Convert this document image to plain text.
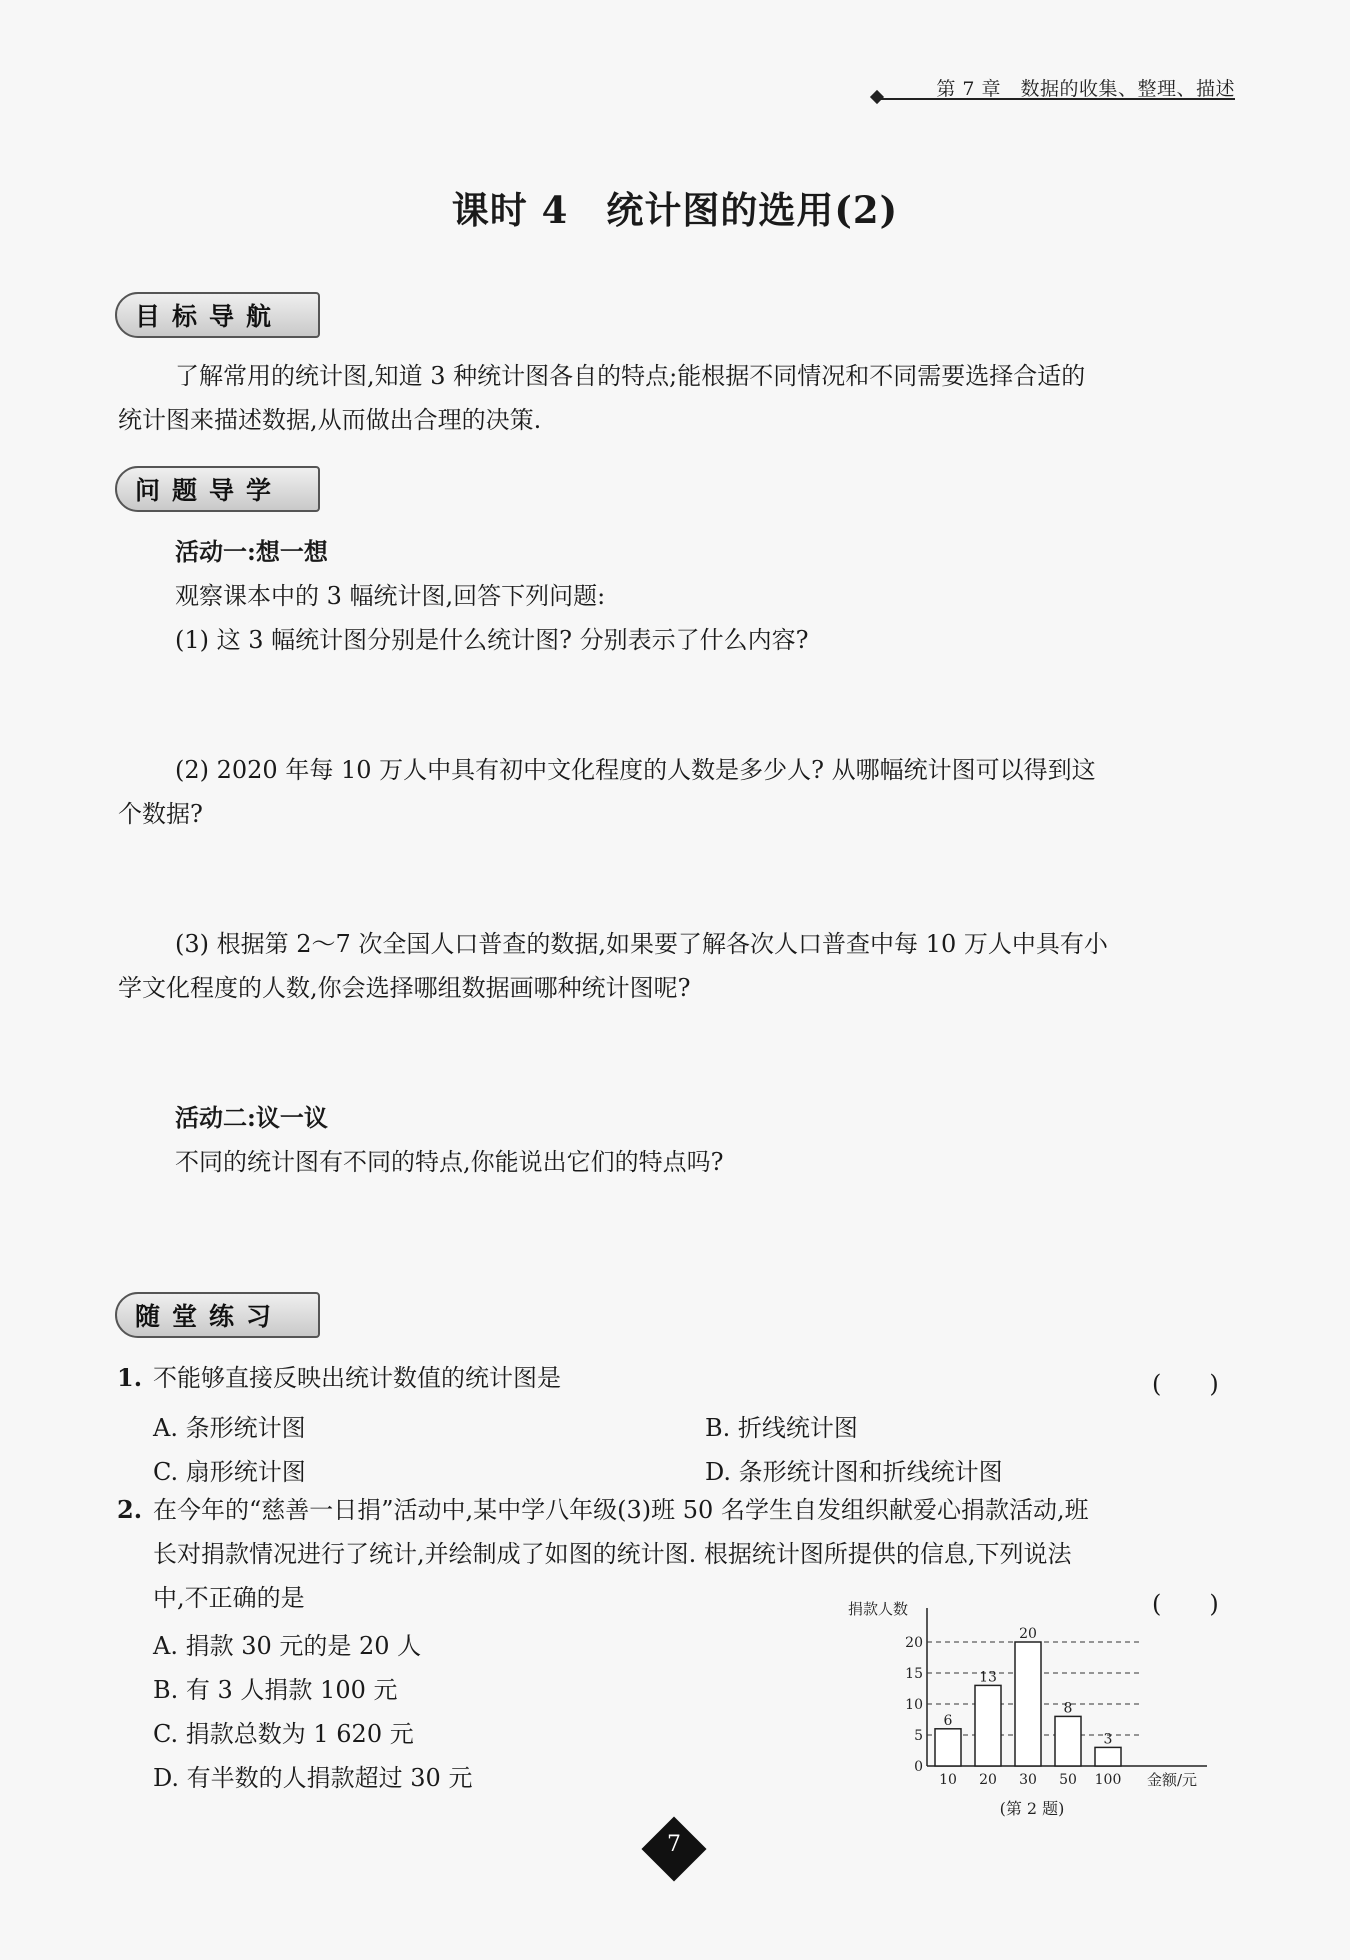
第 7 章　数据的收集、整理、描述
课时 4　统计图的选用(2)
目标导航
了解常用的统计图,知道 3 种统计图各自的特点;能根据不同情况和不同需要选择合适的
统计图来描述数据,从而做出合理的决策.
问题导学
活动一:想一想
观察课本中的 3 幅统计图,回答下列问题:
(1) 这 3 幅统计图分别是什么统计图? 分别表示了什么内容?
(2) 2020 年每 10 万人中具有初中文化程度的人数是多少人? 从哪幅统计图可以得到这
个数据?
(3) 根据第 2～7 次全国人口普查的数据,如果要了解各次人口普查中每 10 万人中具有小
学文化程度的人数,你会选择哪组数据画哪种统计图呢?
活动二:议一议
不同的统计图有不同的特点,你能说出它们的特点吗?
随堂练习
1. 不能够直接反映出统计数值的统计图是	(　　)
A. 条形统计图	B. 折线统计图
C. 扇形统计图	D. 条形统计图和折线统计图
2. 在今年的“慈善一日捐”活动中,某中学八年级(3)班 50 名学生自发组织献爱心捐款活动,班
长对捐款情况进行了统计,并绘制成了如图的统计图. 根据统计图所提供的信息,下列说法
中,不正确的是	(　　)
A. 捐款 30 元的是 20 人
B. 有 3 人捐款 100 元
C. 捐款总数为 1 620 元
D. 有半数的人捐款超过 30 元
捐款人数
0
5
10
15
20
6
10
13
20
20
30
8
50
3
100 金额/元
(第 2 题)
7
